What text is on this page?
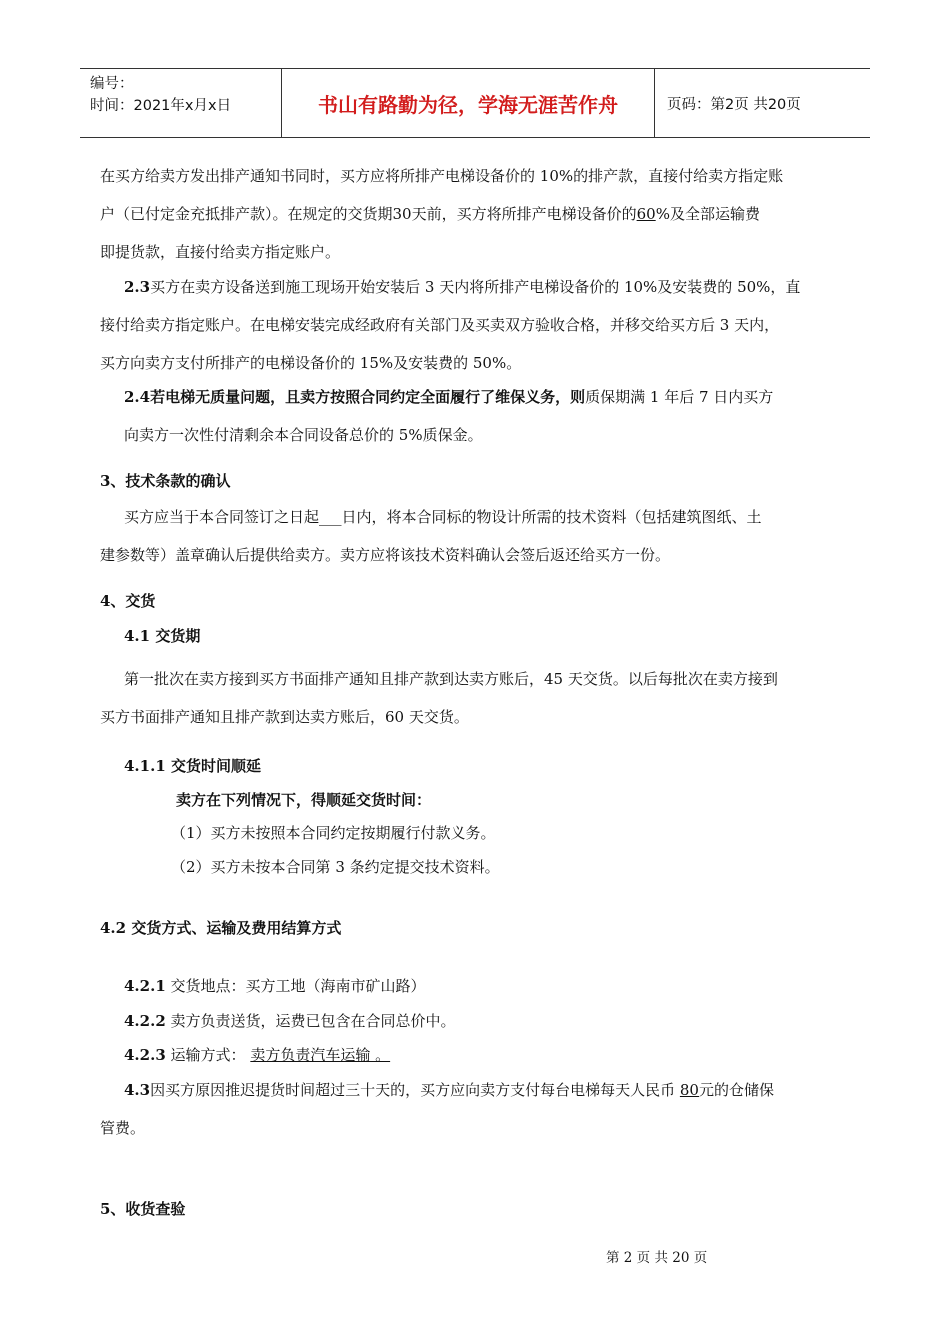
编号：
时间：2021年x月x日	书山有路勤为径，学海无涯苦作舟	页码：第2页 共20页
在买方给卖方发出排产通知书同时，买方应将所排产电梯设备价的 10%的排产款，直接付给卖方指定账
户（已付定金充抵排产款）。在规定的交货期30天前，买方将所排产电梯设备价的60%及全部运输费
即提货款，直接付给卖方指定账户。
2.3买方在卖方设备送到施工现场开始安装后 3 天内将所排产电梯设备价的 10%及安装费的 50%，直
接付给卖方指定账户。在电梯安装完成经政府有关部门及买卖双方验收合格，并移交给买方后 3 天内，
买方向卖方支付所排产的电梯设备价的 15%及安装费的 50%。
2.4若电梯无质量问题，且卖方按照合同约定全面履行了维保义务，则质保期满 1 年后 7 日内买方
向卖方一次性付清剩余本合同设备总价的 5%质保金。
3、技术条款的确认
买方应当于本合同签订之日起___日内，将本合同标的物设计所需的技术资料（包括建筑图纸、土
建参数等）盖章确认后提供给卖方。卖方应将该技术资料确认会签后返还给买方一份。
4、交货
4.1 交货期
第一批次在卖方接到买方书面排产通知且排产款到达卖方账后，45 天交货。以后每批次在卖方接到
买方书面排产通知且排产款到达卖方账后，60 天交货。
4.1.1 交货时间顺延
卖方在下列情况下，得顺延交货时间：
（1）买方未按照本合同约定按期履行付款义务。
（2）买方未按本合同第 3 条约定提交技术资料。
4.2 交货方式、运输及费用结算方式
4.2.1 交货地点：买方工地（海南市矿山路）
4.2.2 卖方负责送货，运费已包含在合同总价中。
4.2.3 运输方式： 卖方负责汽车运输 。
4.3因买方原因推迟提货时间超过三十天的，买方应向卖方支付每台电梯每天人民币 80元的仓储保
管费。
5、收货查验
第 2 页 共 20 页
